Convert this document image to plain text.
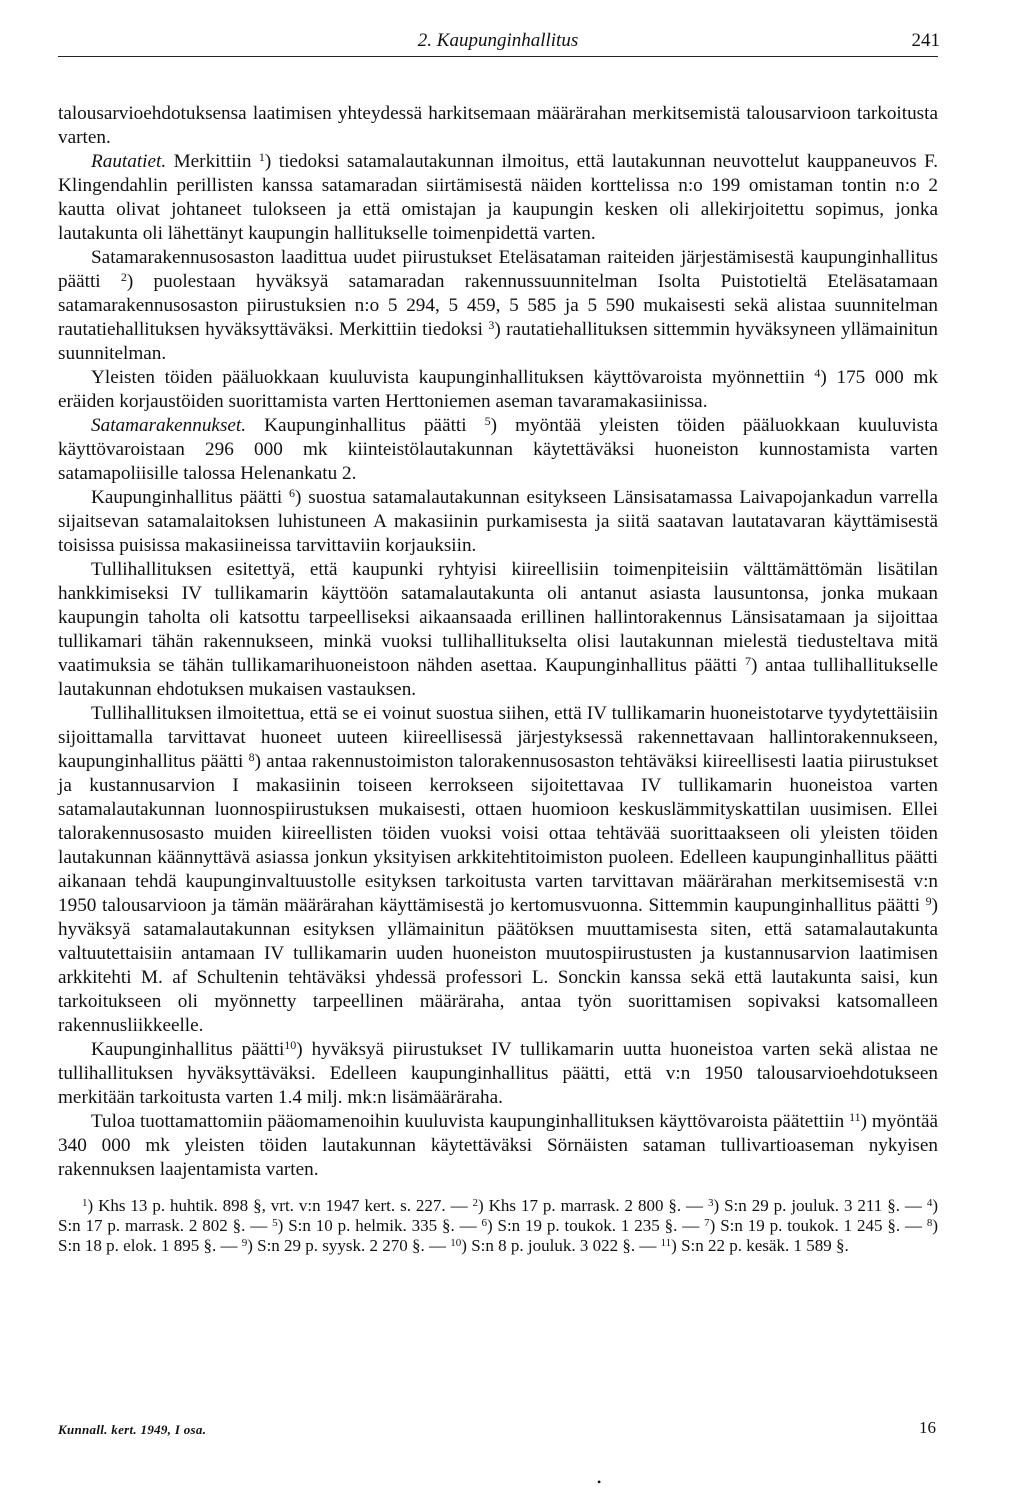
2. Kaupunginhallitus	241

talousarvioehdotuksensa laatimisen yhteydessä harkitsemaan määrärahan merkitsemistä talousarvioon tarkoitusta varten.

Rautatiet. Merkittiin $^1$) tiedoksi satamalautakunnan ilmoitus, että lautakunnan neuvottelut kauppaneuvos F. Klingendahlin perillisten kanssa satamaradan siirtämisestä näiden korttelissa n:o 199 omistaman tontin n:o 2 kautta olivat johtaneet tulokseen ja että omistajan ja kaupungin kesken oli allekirjoitettu sopimus, jonka lautakunta oli lähettänyt kaupungin hallitukselle toimenpidettä varten.

Satamarakennusosaston laadittua uudet piirustukset Eteläsataman raiteiden järjestämisestä kaupunginhallitus päätti $^2$) puolestaan hyväksyä satamaradan rakennussuunnitelman Isolta Puistotieltä Eteläsatamaan satamarakennusosaston piirustuksien n:o 5 294, 5 459, 5 585 ja 5 590 mukaisesti sekä alistaa suunnitelman rautatiehallituksen hyväksyttäväksi. Merkittiin tiedoksi $^3$) rautatiehallituksen sittemmin hyväksyneen yllämainitun suunnitelman.

Yleisten töiden pääluokkaan kuuluvista kaupunginhallituksen käyttövaroista myönnettiin $^4$) 175 000 mk eräiden korjaustöiden suorittamista varten Herttoniemen aseman tavaramakasiinissa.

Satamarakennukset. Kaupunginhallitus päätti $^5$) myöntää yleisten töiden pääluokkaan kuuluvista käyttövaroistaan 296 000 mk kiinteistölautakunnan käytettäväksi huoneiston kunnostamista varten satamapoliisille talossa Helenankatu 2.

Kaupunginhallitus päätti $^6$) suostua satamalautakunnan esitykseen Länsisatamassa Laivapojankadun varrella sijaitsevan satamalaitoksen luhistuneen A makasiinin purkamisesta ja siitä saatavan lautatavaran käyttämisestä toisissa puisissa makasiineissa tarvittaviin korjauksiin.

Tullihallituksen esitettyä, että kaupunki ryhtyisi kiireellisiin toimenpiteisiin välttämättömän lisätilan hankkimiseksi IV tullikamarin käyttöön satamalautakunta oli antanut asiasta lausuntonsa, jonka mukaan kaupungin taholta oli katsottu tarpeelliseksi aikaansaada erillinen hallintorakennus Länsisatamaan ja sijoittaa tullikamari tähän rakennukseen, minkä vuoksi tullihallitukselta olisi lautakunnan mielestä tiedusteltava mitä vaatimuksia se tähän tullikamarihuoneistoon nähden asettaa. Kaupunginhallitus päätti $^7$) antaa tullihallitukselle lautakunnan ehdotuksen mukaisen vastauksen.

Tullihallituksen ilmoitettua, että se ei voinut suostua siihen, että IV tullikamarin huoneistotarve tyydytettäisiin sijoittamalla tarvittavat huoneet uuteen kiireellisessä järjestyksessä rakennettavaan hallintorakennukseen, kaupunginhallitus päätti $^8$) antaa rakennustoimiston talorakennusosaston tehtäväksi kiireellisesti laatia piirustukset ja kustannusarvion I makasiinin toiseen kerrokseen sijoitettavaa IV tullikamarin huoneistoa varten satamalautakunnan luonnospiirustuksen mukaisesti, ottaen huomioon keskuslämmityskattilan uusimisen. Ellei talorakennusosasto muiden kiireellisten töiden vuoksi voisi ottaa tehtävää suorittaakseen oli yleisten töiden lautakunnan käännyttävä asiassa jonkun yksityisen arkkitehtitoimiston puoleen. Edelleen kaupunginhallitus päätti aikanaan tehdä kaupunginvaltuustolle esityksen tarkoitusta varten tarvittavan määrärahan merkitsemisestä v:n 1950 talousarvioon ja tämän määrärahan käyttämisestä jo kertomusvuonna. Sittemmin kaupunginhallitus päätti $^9$) hyväksyä satamalautakunnan esityksen yllämainitun päätöksen muuttamisesta siten, että satamalautakunta valtuutettaisiin antamaan IV tullikamarin uuden huoneiston muutospiirustusten ja kustannusarvion laatimisen arkkitehti M. af Schultenin tehtäväksi yhdessä professori L. Sonckin kanssa sekä että lautakunta saisi, kun tarkoitukseen oli myönnetty tarpeellinen määräraha, antaa työn suorittamisen sopivaksi katsomalleen rakennusliikkeelle.

Kaupunginhallitus päätti$^{10}$) hyväksyä piirustukset IV tullikamarin uutta huoneistoa varten sekä alistaa ne tullihallituksen hyväksyttäväksi. Edelleen kaupunginhallitus päätti, että v:n 1950 talousarvioehdotukseen merkitään tarkoitusta varten 1.4 milj. mk:n lisämääräraha.

Tuloa tuottamattomiin pääomamenoihin kuuluvista kaupunginhallituksen käyttövaroista päätettiin $^{11}$) myöntää 340 000 mk yleisten töiden lautakunnan käytettäväksi Sörnäisten sataman tullivartioaseman nykyisen rakennuksen laajentamista varten.

$^1$) Khs 13 p. huhtik. 898 §, vrt. v:n 1947 kert. s. 227. — $^2$) Khs 17 p. marrask. 2 800 §. — $^3$) S:n 29 p. jouluk. 3 211 §. — $^4$) S:n 17 p. marrask. 2 802 §. — $^5$) S:n 10 p. helmik. 335 §. — $^6$) S:n 19 p. toukok. 1 235 §. — $^7$) S:n 19 p. toukok. 1 245 §. — $^8$) S:n 18 p. elok. 1 895 §. — $^9$) S:n 29 p. syysk. 2 270 §. — $^{10}$) S:n 8 p. jouluk. 3 022 §. — $^{11}$) S:n 22 p. kesäk. 1 589 §.

Kunnall. kert. 1949, I osa.	16
•
